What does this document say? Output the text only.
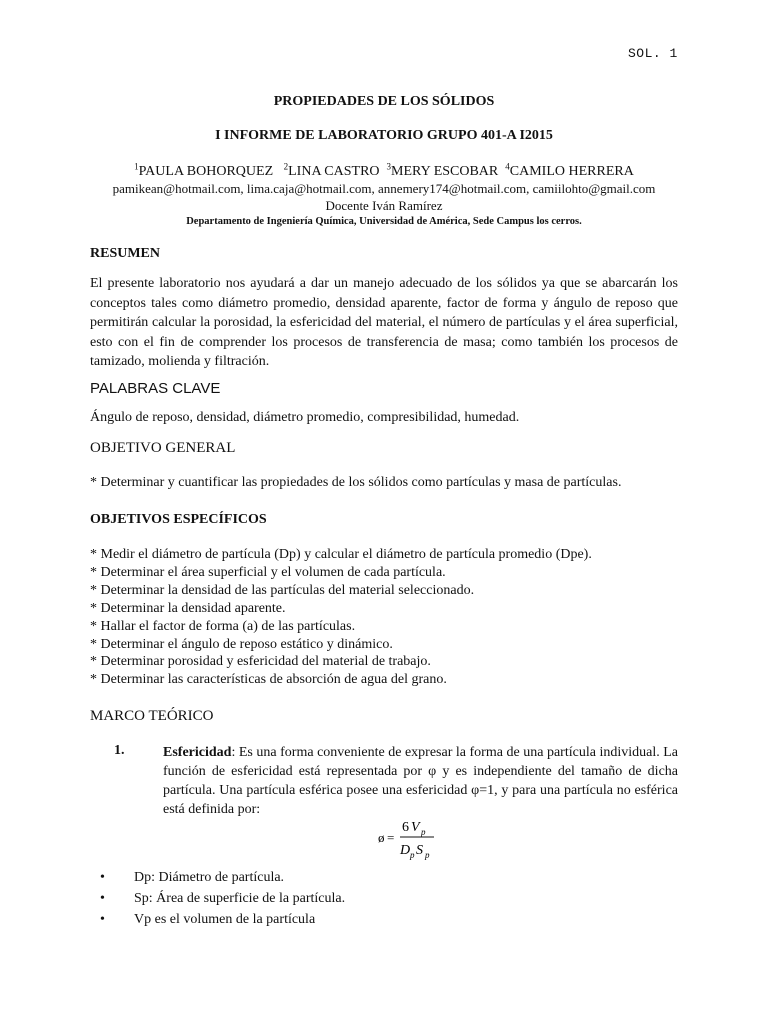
SOL. 1
PROPIEDADES DE LOS SÓLIDOS
I INFORME DE LABORATORIO GRUPO 401-A I2015
$^1$PAULA BOHORQUEZ $^2$LINA CASTRO $^3$MERY ESCOBAR $^4$CAMILO HERRERA
pamikean@hotmail.com, lima.caja@hotmail.com, annemery174@hotmail.com, camiilohto@gmail.com
Docente Iván Ramírez
Departamento de Ingeniería Química, Universidad de América, Sede Campus los cerros.
RESUMEN
El presente laboratorio nos ayudará a dar un manejo adecuado de los sólidos ya que se abarcarán los conceptos tales como diámetro promedio, densidad aparente, factor de forma y ángulo de reposo que permitirán calcular la porosidad, la esfericidad del material, el número de partículas y el área superficial, esto con el fin de comprender los procesos de transferencia de masa; como también los procesos de tamizado, molienda y filtración.
PALABRAS CLAVE
Ángulo de reposo, densidad, diámetro promedio, compresibilidad, humedad.
OBJETIVO GENERAL
* Determinar y cuantificar las propiedades de los sólidos como partículas y masa de partículas.
OBJETIVOS ESPECÍFICOS
* Medir el diámetro de partícula (Dp) y calcular el diámetro de partícula promedio (Dpe).
* Determinar el área superficial y el volumen de cada partícula.
* Determinar la densidad de las partículas del material seleccionado.
* Determinar la densidad aparente.
* Hallar el factor de forma (a) de las partículas.
* Determinar el ángulo de reposo estático y dinámico.
* Determinar porosidad y esfericidad del material de trabajo.
* Determinar las características de absorción de agua del grano.
MARCO TEÓRICO
1.	Esfericidad: Es una forma conveniente de expresar la forma de una partícula individual. La función de esfericidad está representada por φ y es independiente del tamaño de dicha partícula. Una partícula esférica posee una esfericidad φ=1, y para una partícula no esférica está definida por:
ø =
6 V p
D p S p
• Dp: Diámetro de partícula.
• Sp: Área de superficie de la partícula.
• Vp es el volumen de la partícula
